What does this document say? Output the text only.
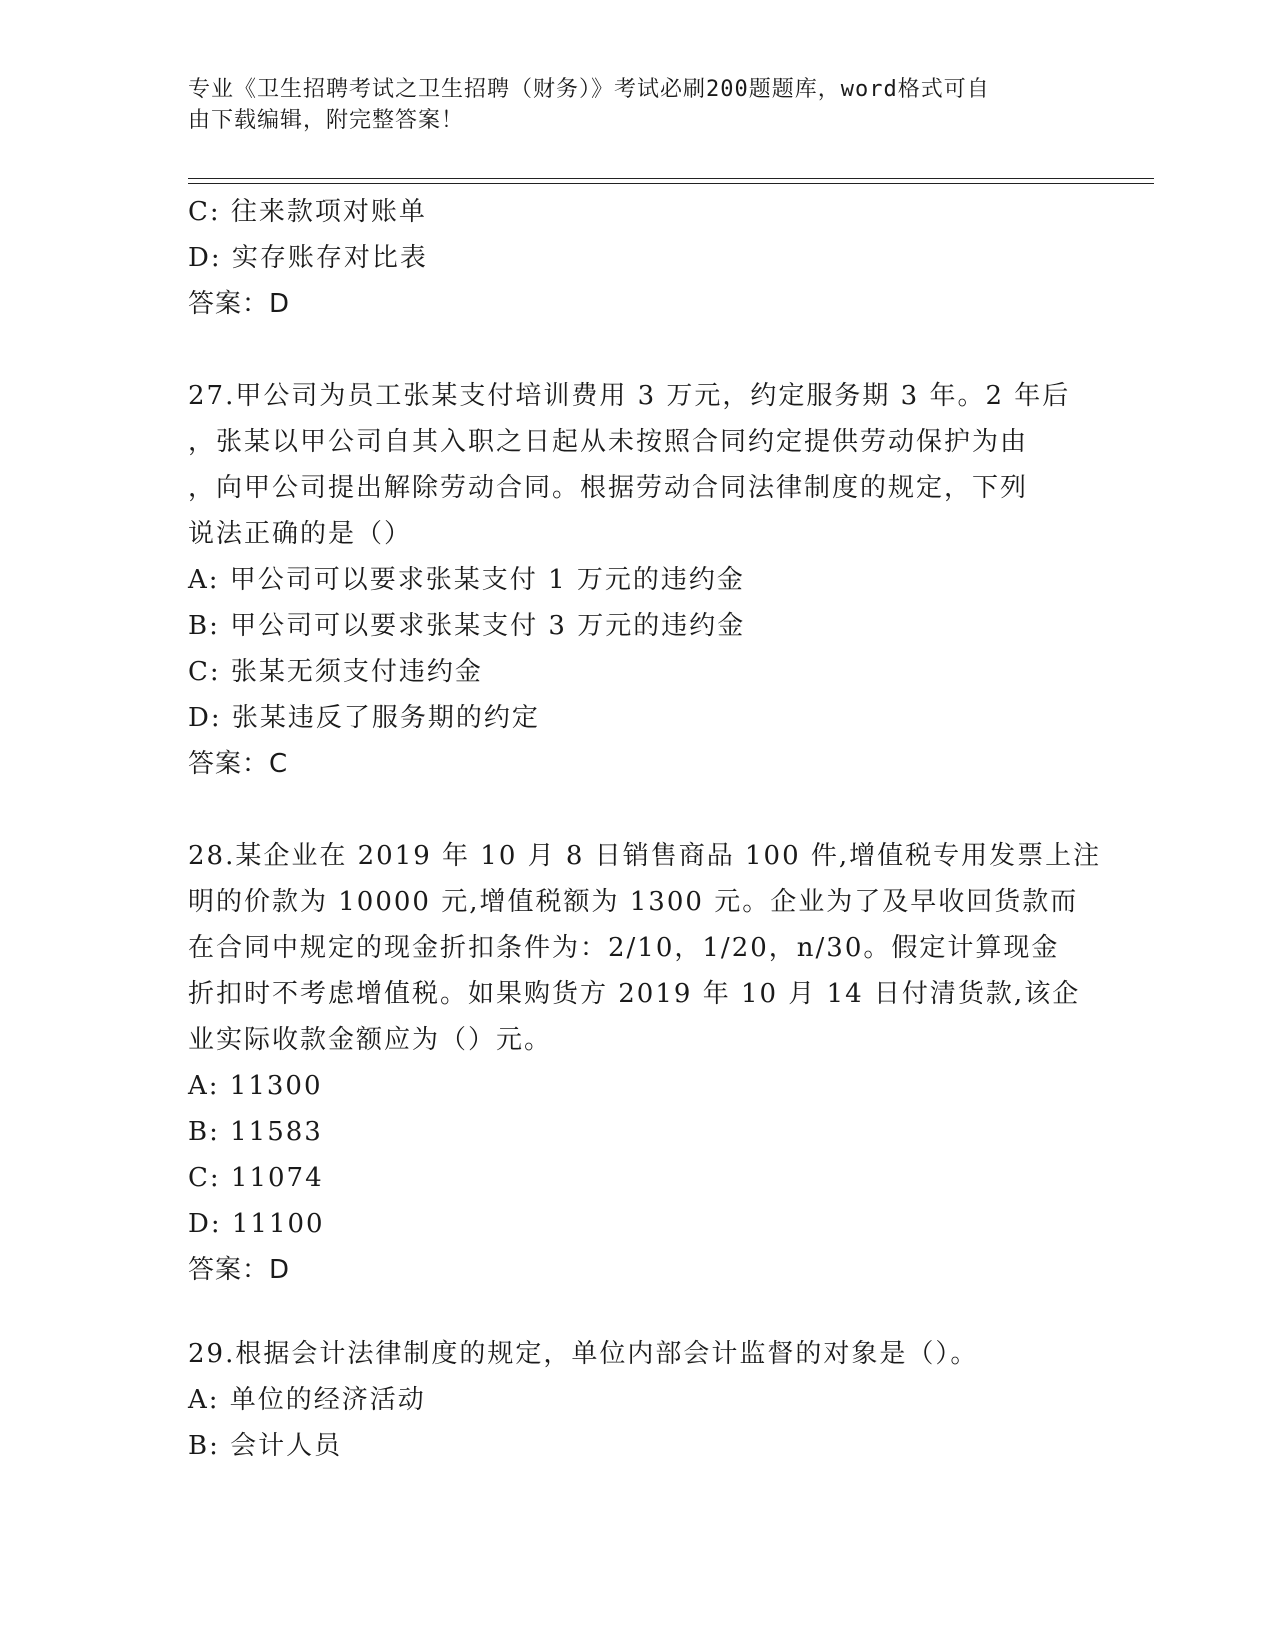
专业《卫生招聘考试之卫生招聘（财务）》考试必刷200题题库，word格式可自
由下载编辑，附完整答案！
C: 往来款项对账单
D: 实存账存对比表
答案：D
27.甲公司为员工张某支付培训费用 3 万元，约定服务期 3 年。2 年后
，张某以甲公司自其入职之日起从未按照合同约定提供劳动保护为由
，向甲公司提出解除劳动合同。根据劳动合同法律制度的规定，下列
说法正确的是（）
A: 甲公司可以要求张某支付 1 万元的违约金
B: 甲公司可以要求张某支付 3 万元的违约金
C: 张某无须支付违约金
D: 张某违反了服务期的约定
答案：C
28.某企业在 2019 年 10 月 8 日销售商品 100 件,增值税专用发票上注
明的价款为 10000 元,增值税额为 1300 元。企业为了及早收回货款而
在合同中规定的现金折扣条件为：2/10，1/20，n/30。假定计算现金
折扣时不考虑增值税。如果购货方 2019 年 10 月 14 日付清货款,该企
业实际收款金额应为（）元。
A: 11300
B: 11583
C: 11074
D: 11100
答案：D
29.根据会计法律制度的规定，单位内部会计监督的对象是（）。
A: 单位的经济活动
B: 会计人员
